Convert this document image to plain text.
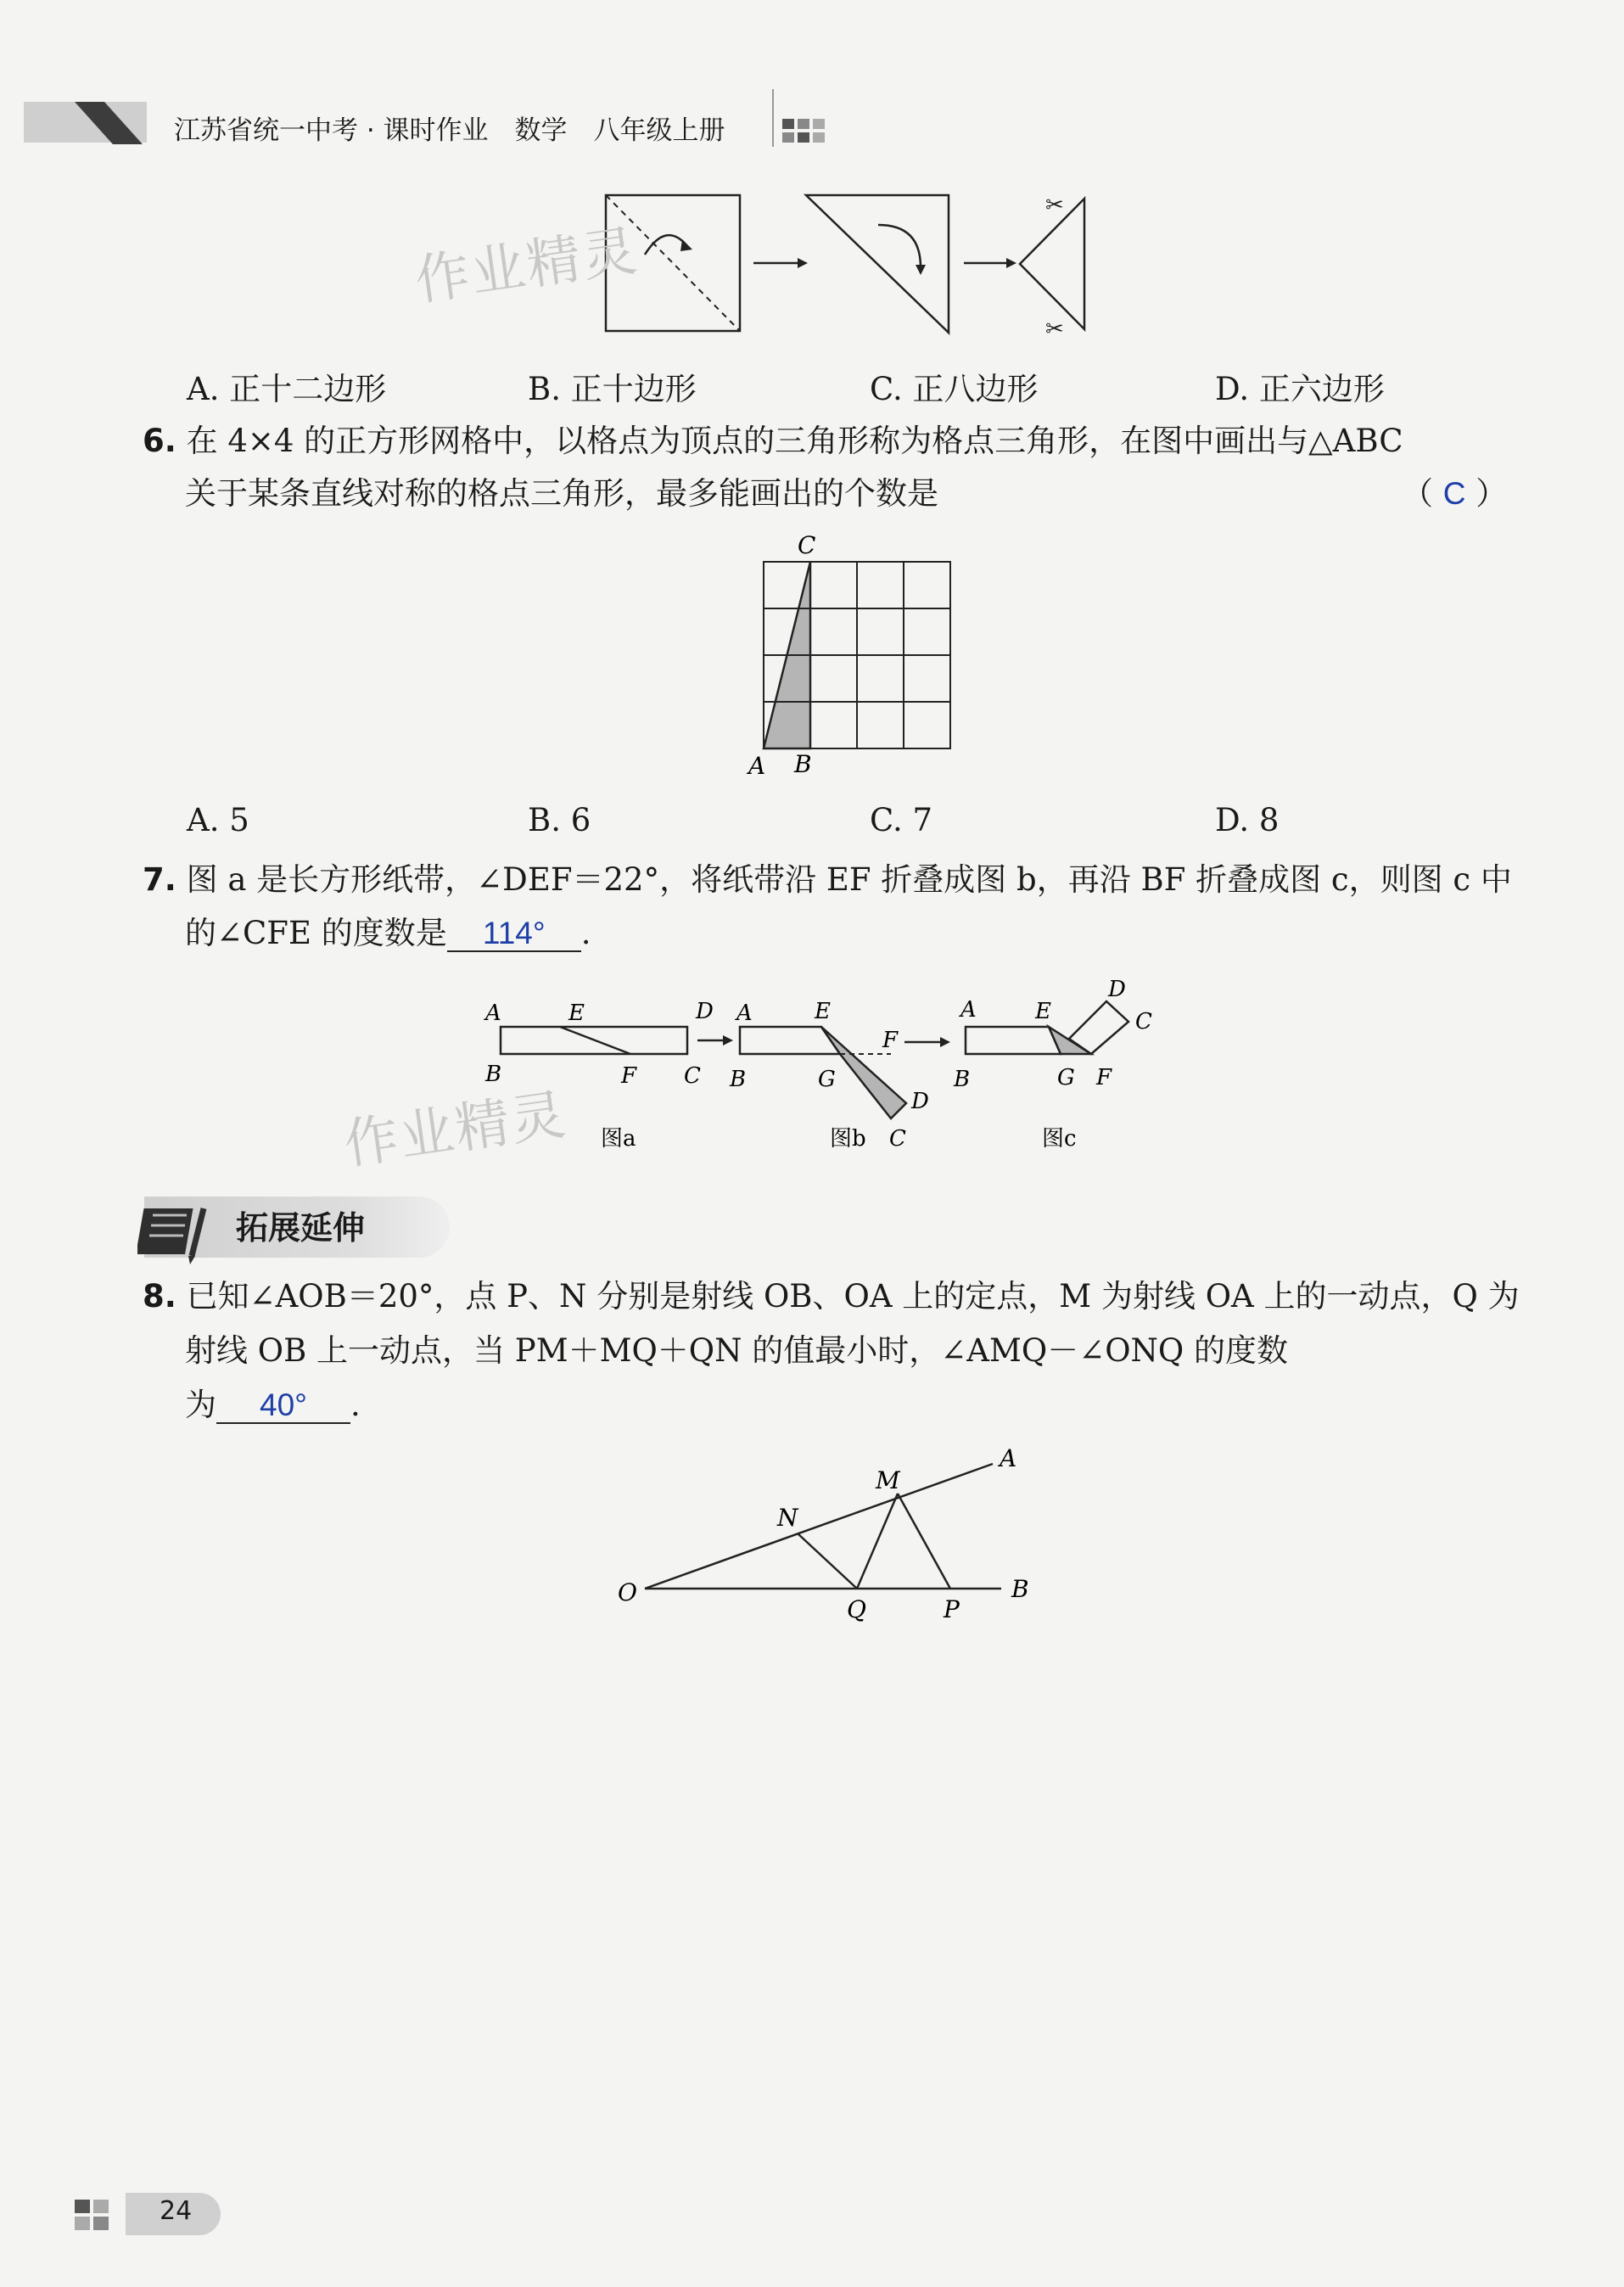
江苏省统一中考 · 课时作业　数学　八年级上册
✂
✂
A. 正十二边形	B. 正十边形	C. 正八边形	D. 正六边形
6. 在 4×4 的正方形网格中，以格点为顶点的三角形称为格点三角形，在图中画出与△ABC
关于某条直线对称的格点三角形，最多能画出的个数是	（ C ）
C
A B
A. 5	B. 6	C. 7	D. 8
7. 图 a 是长方形纸带，∠DEF＝22°，将纸带沿 EF 折叠成图 b，再沿 BF 折叠成图 c，则图 c 中
的∠CFE 的度数是 114° .
A	E	D
B	F C
图a
A	E
F
B	G
D
C
图b
A	E
D
C
B	G F
图c
拓展延伸
8. 已知∠AOB＝20°，点 P、N 分别是射线 OB、OA 上的定点，M 为射线 OA 上的一动点，Q 为
射线 OB 上一动点，当 PM＋MQ＋QN 的值最小时，∠AMQ－∠ONQ 的度数
为 40° .
A
M
N
O
Q	P
B
作业精灵
作业精灵
24
